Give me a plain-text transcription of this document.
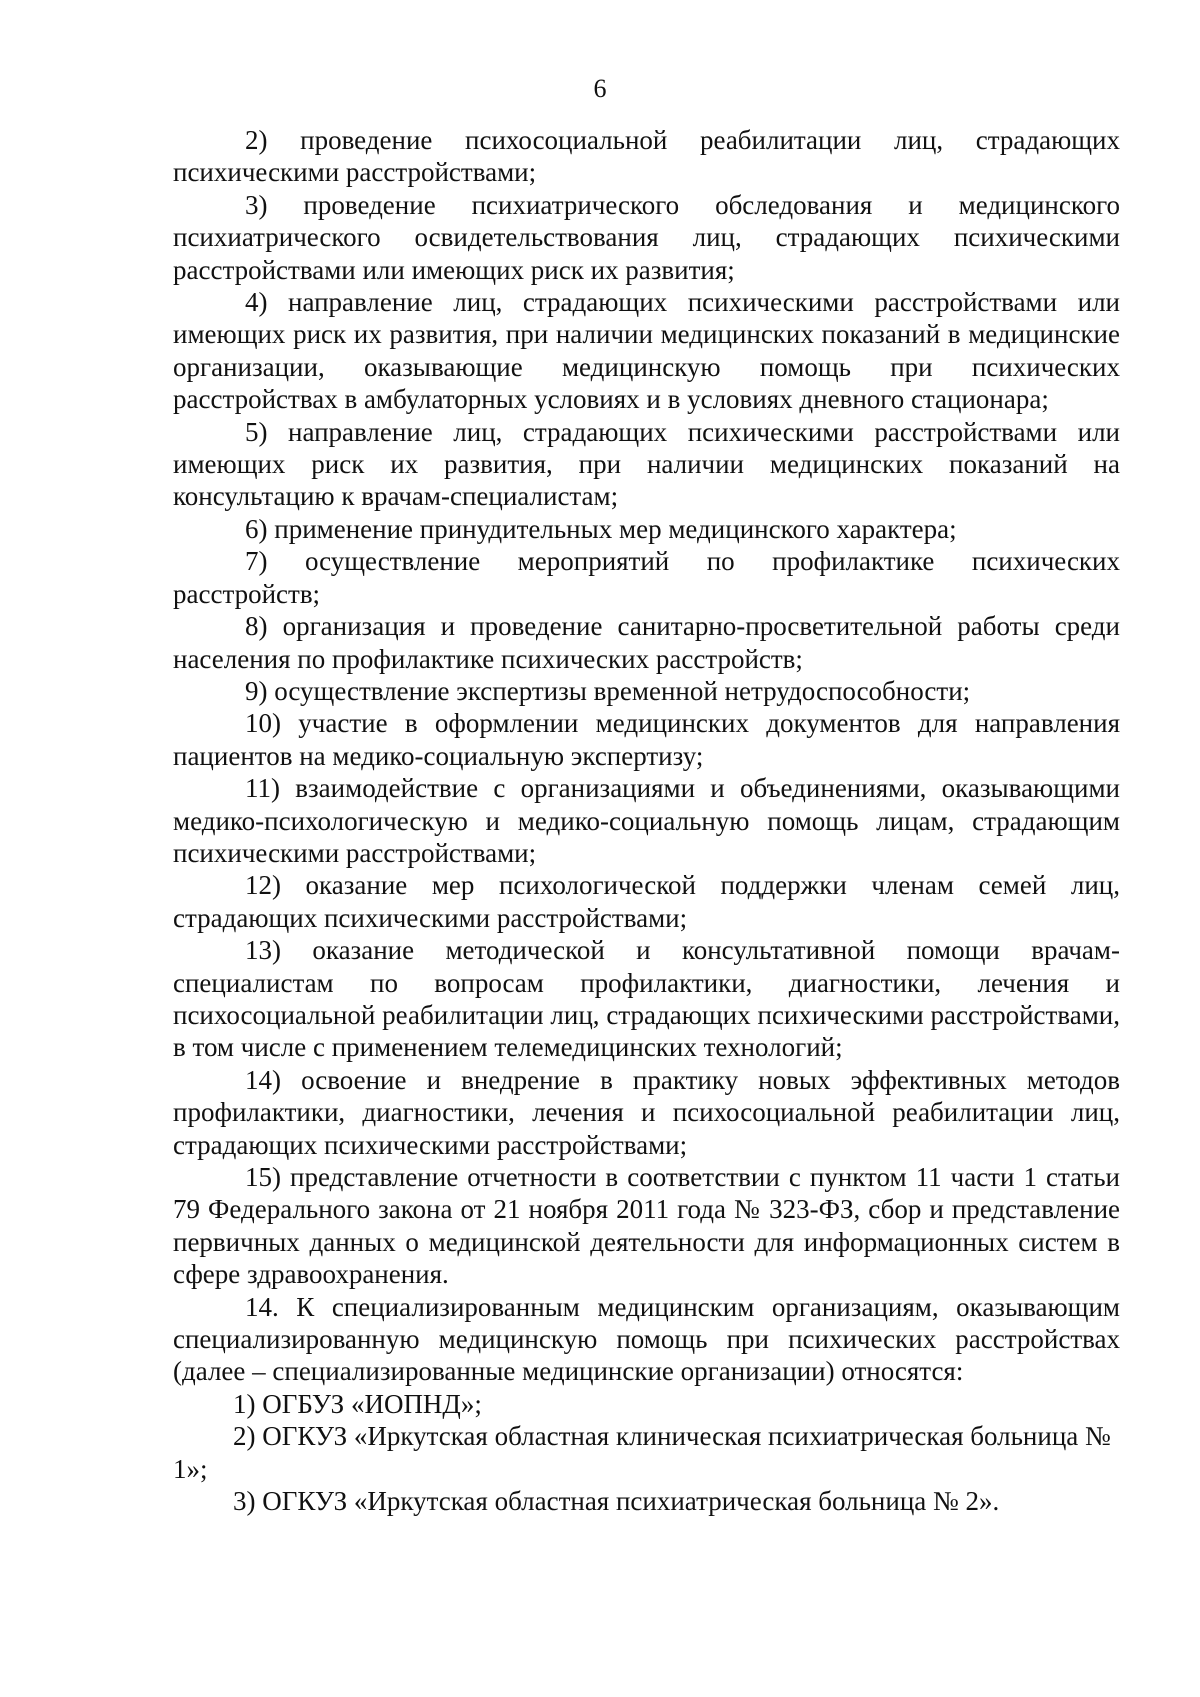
6

2) проведение психосоциальной реабилитации лиц, страдающих психическими расстройствами;

3) проведение психиатрического обследования и медицинского психиатрического освидетельствования лиц, страдающих психическими расстройствами или имеющих риск их развития;

4) направление лиц, страдающих психическими расстройствами или имеющих риск их развития, при наличии медицинских показаний в медицинские организации, оказывающие медицинскую помощь при психических расстройствах в амбулаторных условиях и в условиях дневного стационара;

5) направление лиц, страдающих психическими расстройствами или имеющих риск их развития, при наличии медицинских показаний на консультацию к врачам-специалистам;

6) применение принудительных мер медицинского характера;

7) осуществление мероприятий по профилактике психических расстройств;

8) организация и проведение санитарно-просветительной работы среди населения по профилактике психических расстройств;

9) осуществление экспертизы временной нетрудоспособности;

10) участие в оформлении медицинских документов для направления пациентов на медико-социальную экспертизу;

11) взаимодействие с организациями и объединениями, оказывающими медико-психологическую и медико-социальную помощь лицам, страдающим психическими расстройствами;

12) оказание мер психологической поддержки членам семей лиц, страдающих психическими расстройствами;

13) оказание методической и консультативной помощи врачам-специалистам по вопросам профилактики, диагностики, лечения и психосоциальной реабилитации лиц, страдающих психическими расстройствами, в том числе с применением телемедицинских технологий;

14) освоение и внедрение в практику новых эффективных методов профилактики, диагностики, лечения и психосоциальной реабилитации лиц, страдающих психическими расстройствами;

15) представление отчетности в соответствии с пунктом 11 части 1 статьи 79 Федерального закона от 21 ноября 2011 года № 323-ФЗ, сбор и представление первичных данных о медицинской деятельности для информационных систем в сфере здравоохранения.

14. К специализированным медицинским организациям, оказывающим специализированную медицинскую помощь при психических расстройствах (далее – специализированные медицинские организации) относятся:

1) ОГБУЗ «ИОПНД»;

2) ОГКУЗ «Иркутская областная клиническая психиатрическая больница № 1»;

3) ОГКУЗ «Иркутская областная психиатрическая больница № 2».
